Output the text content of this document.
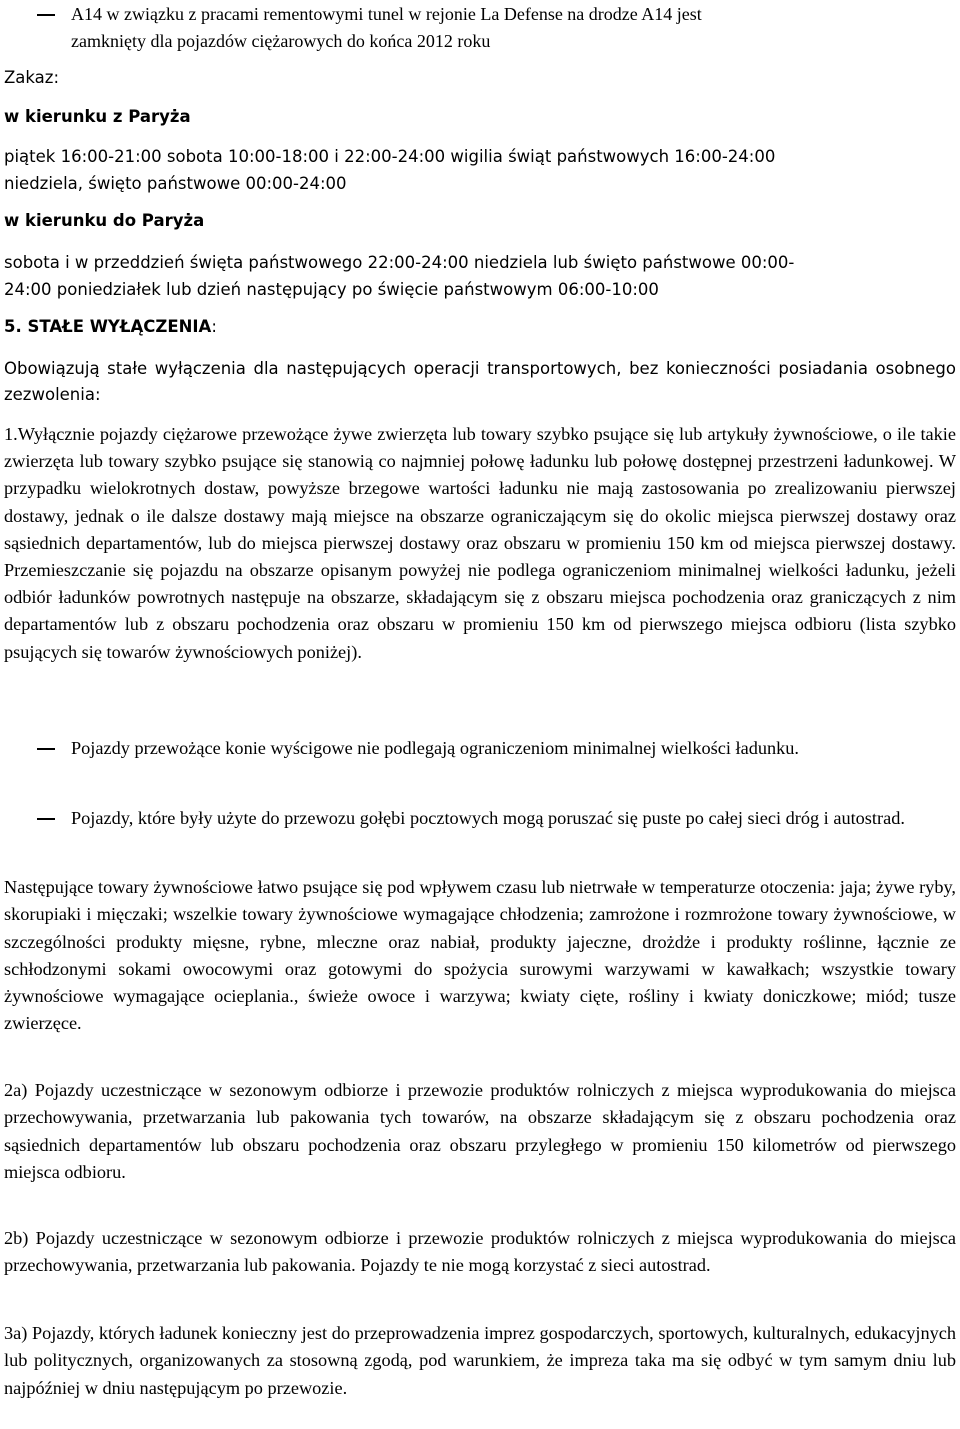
A14 w związku z pracami rementowymi tunel w rejonie La Defense na drodze A14 jest
zamknięty dla pojazdów ciężarowych do końca 2012 roku
Zakaz:
w kierunku z Paryża
piątek 16:00-21:00 sobota 10:00-18:00 i 22:00-24:00 wigilia świąt państwowych 16:00-24:00
niedziela, święto państwowe 00:00-24:00
w kierunku do Paryża
sobota i w przeddzień święta państwowego 22:00-24:00 niedziela lub święto państwowe 00:00-
24:00 poniedziałek lub dzień następujący po święcie państwowym 06:00-10:00
5. STAŁE WYŁĄCZENIA:

Obowiązują stałe wyłączenia dla następujących operacji transportowych, bez konieczności posiadania osobnego zezwolenia:

1.Wyłącznie pojazdy ciężarowe przewożące żywe zwierzęta lub towary szybko psujące się lub artykuły żywnościowe, o ile takie zwierzęta lub towary szybko psujące się stanowią co najmniej połowę ładunku lub połowę dostępnej przestrzeni ładunkowej. W przypadku wielokrotnych dostaw, powyższe brzegowe wartości ładunku nie mają zastosowania po zrealizowaniu pierwszej dostawy, jednak o ile dalsze dostawy mają miejsce na obszarze ograniczającym się do okolic miejsca pierwszej dostawy oraz sąsiednich departamentów, lub do miejsca pierwszej dostawy oraz obszaru w promieniu 150 km od miejsca pierwszej dostawy. Przemieszczanie się pojazdu na obszarze opisanym powyżej nie podlega ograniczeniom minimalnej wielkości ładunku, jeżeli odbiór ładunków powrotnych następuje na obszarze, składającym się z obszaru miejsca pochodzenia oraz graniczących z nim departamentów lub z obszaru pochodzenia oraz obszaru w promieniu 150 km od pierwszego miejsca odbioru (lista szybko psujących się towarów żywnościowych poniżej).

Pojazdy przewożące konie wyścigowe nie podlegają ograniczeniom minimalnej wielkości ładunku.
Pojazdy, które były użyte do przewozu gołębi pocztowych mogą poruszać się puste po całej sieci dróg i autostrad.

Następujące towary żywnościowe łatwo psujące się pod wpływem czasu lub nietrwałe w temperaturze otoczenia: jaja; żywe ryby, skorupiaki i mięczaki; wszelkie towary żywnościowe wymagające chłodzenia; zamrożone i rozmrożone towary żywnościowe, w szczególności produkty mięsne, rybne, mleczne oraz nabiał, produkty jajeczne, drożdże i produkty roślinne, łącznie ze schłodzonymi sokami owocowymi oraz gotowymi do spożycia surowymi warzywami w kawałkach; wszystkie towary żywnościowe wymagające ocieplania., świeże owoce i warzywa; kwiaty cięte, rośliny i kwiaty doniczkowe; miód; tusze zwierzęce.

2a) Pojazdy uczestniczące w sezonowym odbiorze i przewozie produktów rolniczych z miejsca wyprodukowania do miejsca przechowywania, przetwarzania lub pakowania tych towarów, na obszarze składającym się z obszaru pochodzenia oraz sąsiednich departamentów lub obszaru pochodzenia oraz obszaru przyległego w promieniu 150 kilometrów od pierwszego miejsca odbioru.

2b) Pojazdy uczestniczące w sezonowym odbiorze i przewozie produktów rolniczych z miejsca wyprodukowania do miejsca przechowywania, przetwarzania lub pakowania. Pojazdy te nie mogą korzystać z sieci autostrad.

3a) Pojazdy, których ładunek konieczny jest do przeprowadzenia imprez gospodarczych, sportowych, kulturalnych, edukacyjnych lub politycznych, organizowanych za stosowną zgodą, pod warunkiem, że impreza taka ma się odbyć w tym samym dniu lub najpóźniej w dniu następującym po przewozie.
